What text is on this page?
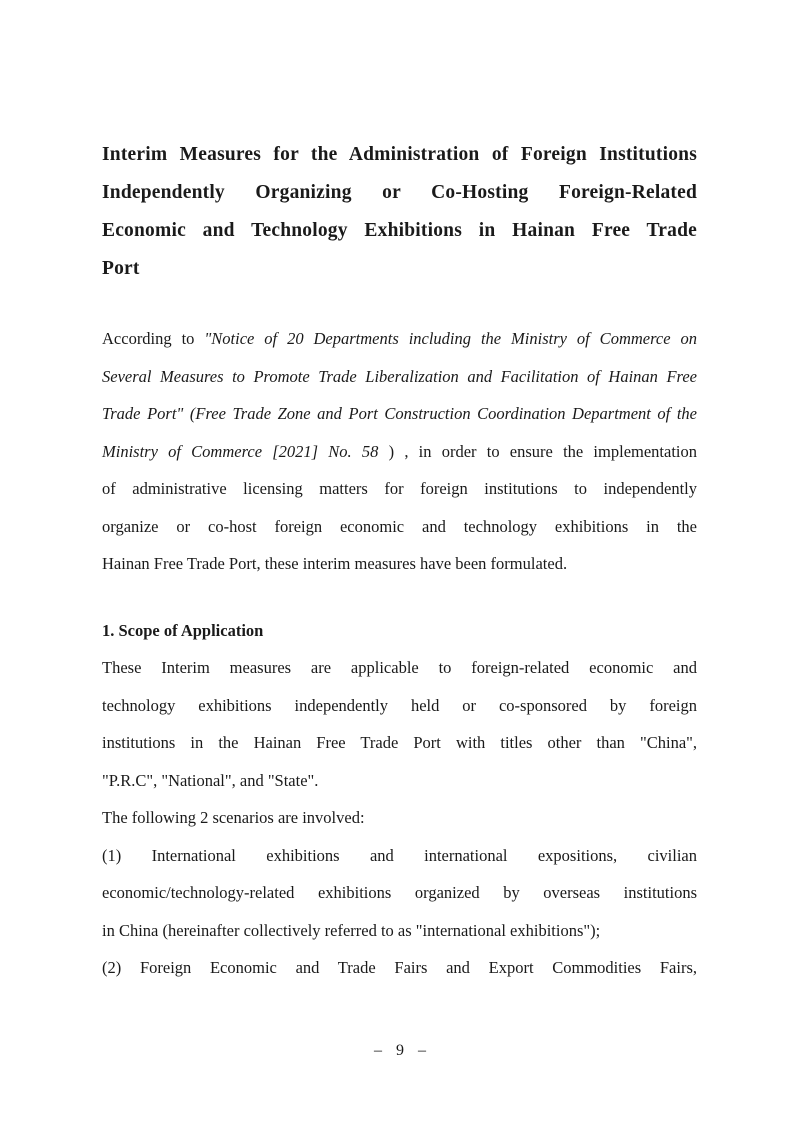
Interim Measures for the Administration of Foreign Institutions
Independently Organizing or Co-Hosting Foreign-Related
Economic and Technology Exhibitions in Hainan Free Trade
Port
According to "Notice of 20 Departments including the Ministry of Commerce on
Several Measures to Promote Trade Liberalization and Facilitation of Hainan Free
Trade Port" (Free Trade Zone and Port Construction Coordination Department of the
Ministry of Commerce [2021] No. 58 ) , in order to ensure the implementation
of administrative licensing matters for foreign institutions to independently
organize or co-host foreign economic and technology exhibitions in the
Hainan Free Trade Port, these interim measures have been formulated.
1. Scope of Application
These Interim measures are applicable to foreign-related economic and
technology exhibitions independently held or co-sponsored by foreign
institutions in the Hainan Free Trade Port with titles other than "China",
"P.R.C", "National", and "State".
The following 2 scenarios are involved:
(1) International exhibitions and international expositions, civilian
economic/technology-related exhibitions organized by overseas institutions
in China (hereinafter collectively referred to as "international exhibitions");
(2) Foreign Economic and Trade Fairs and Export Commodities Fairs,
– 9 –
